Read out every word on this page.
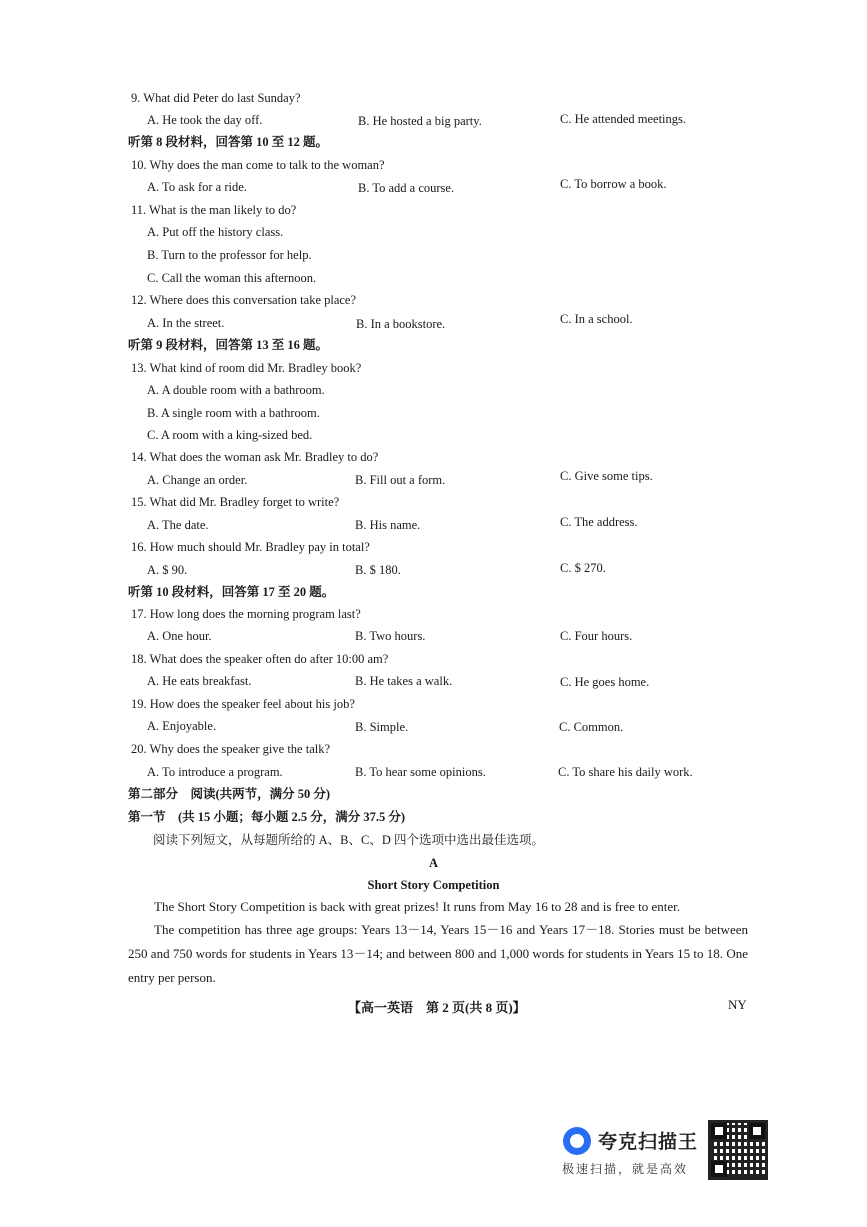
9. What did Peter do last Sunday?
A. He took the day off.	B. He hosted a big party.	C. He attended meetings.
听第 8 段材料，回答第 10 至 12 题。
10. Why does the man come to talk to the woman?
A. To ask for a ride.	B. To add a course.	C. To borrow a book.
11. What is the man likely to do?
A. Put off the history class.
B. Turn to the professor for help.
C. Call the woman this afternoon.
12. Where does this conversation take place?
A. In the street.	B. In a bookstore.	C. In a school.
听第 9 段材料，回答第 13 至 16 题。
13. What kind of room did Mr. Bradley book?
A. A double room with a bathroom.
B. A single room with a bathroom.
C. A room with a king-sized bed.
14. What does the woman ask Mr. Bradley to do?
A. Change an order.	B. Fill out a form.	C. Give some tips.
15. What did Mr. Bradley forget to write?
A. The date.	B. His name.	C. The address.
16. How much should Mr. Bradley pay in total?
A. $ 90.	B. $ 180.	C. $ 270.
听第 10 段材料，回答第 17 至 20 题。
17. How long does the morning program last?
A. One hour.	B. Two hours.	C. Four hours.
18. What does the speaker often do after 10:00 am?
A. He eats breakfast.	B. He takes a walk.	C. He goes home.
19. How does the speaker feel about his job?
A. Enjoyable.	B. Simple.	C. Common.
20. Why does the speaker give the talk?
A. To introduce a program.	B. To hear some opinions.	C. To share his daily work.
第二部分　阅读(共两节，满分 50 分)
第一节　(共 15 小题；每小题 2.5 分，满分 37.5 分)
阅读下列短文，从每题所给的 A、B、C、D 四个选项中选出最佳选项。
A
Short Story Competition
The Short Story Competition is back with great prizes! It runs from May 16 to 28 and is free to enter.
The competition has three age groups: Years 13－14, Years 15－16 and Years 17－18. Stories must be between 250 and 750 words for students in Years 13－14; and between 800 and 1,000 words for students in Years 15 to 18. One entry per person.
【高一英语　第 2 页(共 8 页)】	NY
夸克扫描王
极速扫描，就是高效
